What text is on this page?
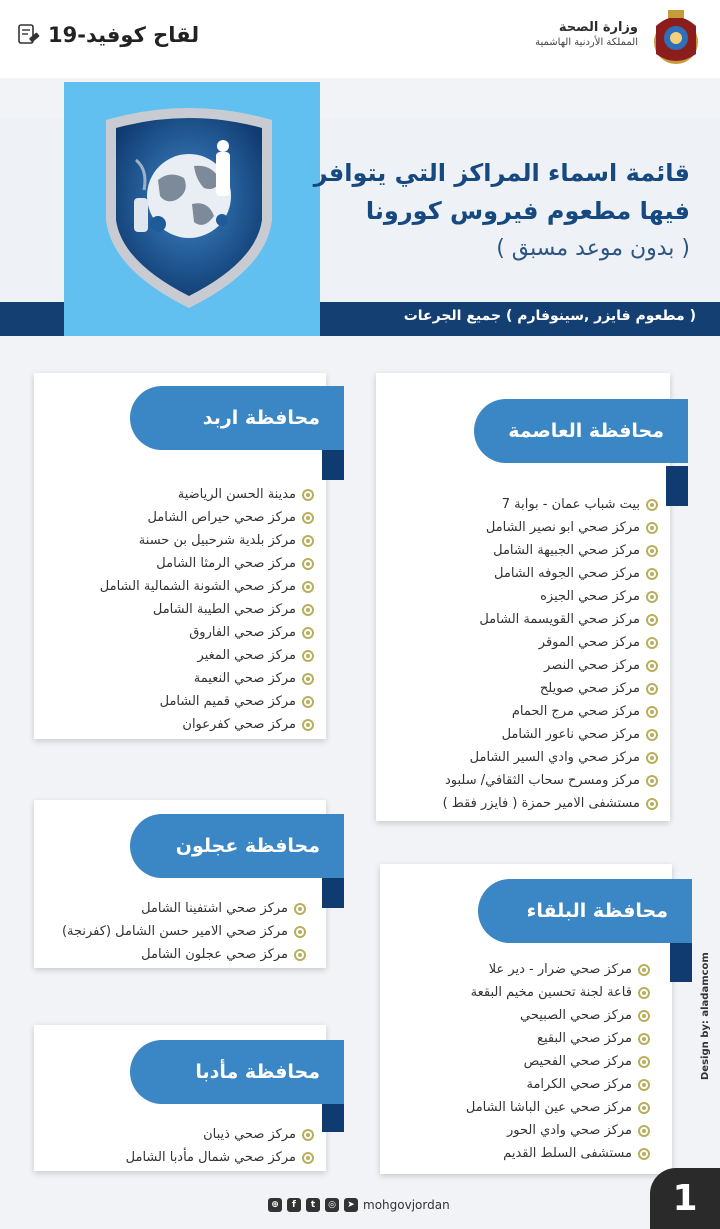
وزارة الصحة
المملكة الأردنية الهاشمية
لقاح كوفيد-19
( مطعوم فايزر ,سينوفارم ) جميع الجرعات
قائمة اسماء المراكز التي يتوافر
فيها مطعوم فيروس كورونا
( بدون موعد مسبق )
محافظة العاصمة
بيت شباب عمان - بوابة 7
مركز صحي ابو نصير الشامل
مركز صحي الجبيهة الشامل
مركز صحي الجوفه الشامل
مركز صحي الجيزه
مركز صحي القويسمة الشامل
مركز صحي الموقر
مركز صحي النصر
مركز صحي صويلح
مركز صحي مرج الحمام
مركز صحي ناعور الشامل
مركز صحي وادي السير الشامل
مركز ومسرح سحاب الثقافي/ سلبود
مستشفى الامير حمزة ( فايزر فقط )
محافظة اربد
مدينة الحسن الرياضية
مركز صحي حيراص الشامل
مركز بلدية شرحبيل بن حسنة
مركز صحي الرمثا الشامل
مركز صحي الشونة الشمالية الشامل
مركز صحي الطيبة الشامل
مركز صحي الفاروق
مركز صحي المغير
مركز صحي النعيمة
مركز صحي قميم الشامل
مركز صحي كفرعوان
محافظة عجلون
مركز صحي اشتفينا الشامل
مركز صحي الامير حسن الشامل (كفرنجة)
مركز صحي عجلون الشامل
محافظة البلقاء
مركز صحي ضرار - دير علا
قاعة لجنة تحسين مخيم البقعة
مركز صحي الصبيحي
مركز صحي البقيع
مركز صحي الفحيص
مركز صحي الكرامة
مركز صحي عين الباشا الشامل
مركز صحي وادي الحور
مستشفى السلط القديم
محافظة مأدبا
مركز صحي ذيبان
مركز صحي شمال مأدبا الشامل
⊕	f	t	◎	➤ mohgovjordan
Design by: aladamcom
1
